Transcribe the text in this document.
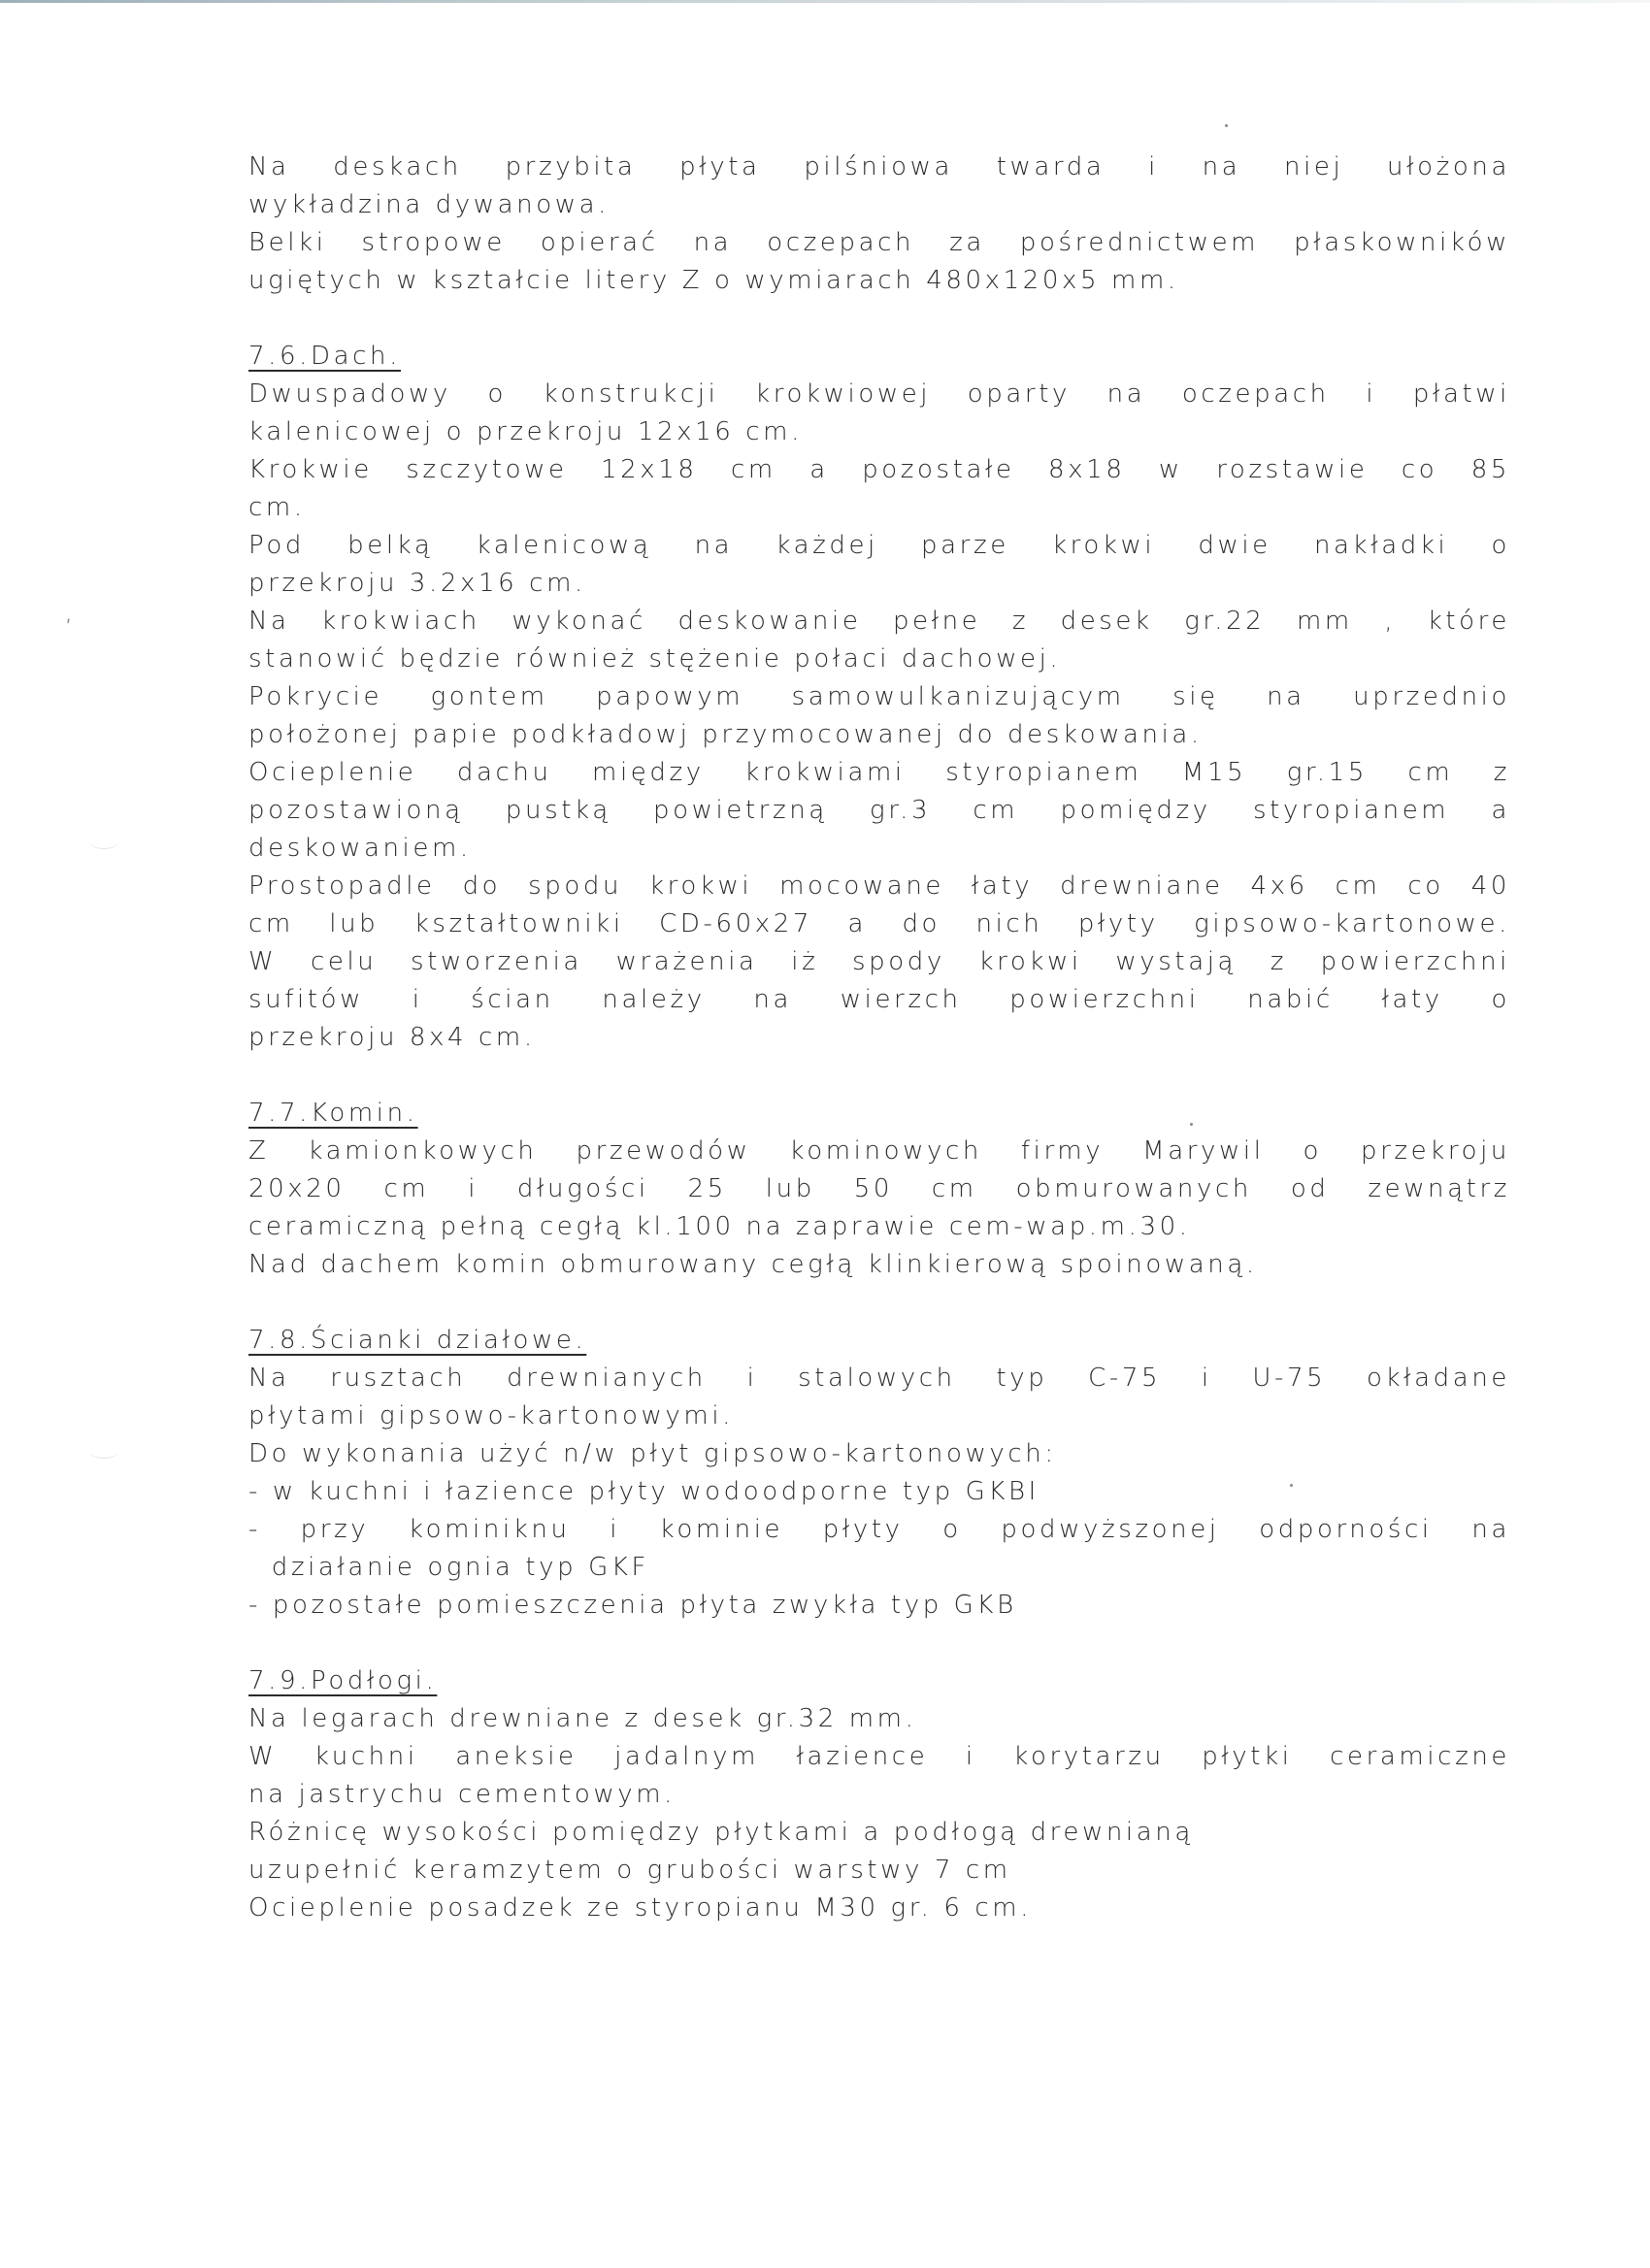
ʹ
Na deskach przybita płyta pilśniowa twarda i na niej ułożona
wykładzina dywanowa.
Belki stropowe opierać na oczepach za pośrednictwem płaskowników
ugiętych w kształcie litery Z o wymiarach 480x120x5 mm.
7.6.Dach.
Dwuspadowy o konstrukcji krokwiowej oparty na oczepach i płatwi
kalenicowej o przekroju 12x16 cm.
Krokwie szczytowe 12x18 cm a pozostałe 8x18 w rozstawie co 85
cm.
Pod belką kalenicową na każdej parze krokwi dwie nakładki o
przekroju 3.2x16 cm.
Na krokwiach wykonać deskowanie pełne z desek gr.22 mm , które
stanowić będzie również stężenie połaci dachowej.
Pokrycie gontem papowym samowulkanizującym się na uprzednio
położonej papie podkładowj przymocowanej do deskowania.
Ocieplenie dachu między krokwiami styropianem M15 gr.15 cm z
pozostawioną pustką powietrzną gr.3 cm pomiędzy styropianem a
deskowaniem.
Prostopadle do spodu krokwi mocowane łaty drewniane 4x6 cm co 40
cm lub kształtowniki CD-60x27 a do nich płyty gipsowo-kartonowe.
W celu stworzenia wrażenia iż spody krokwi wystają z powierzchni
sufitów i ścian należy na wierzch powierzchni nabić łaty o
przekroju 8x4 cm.
7.7.Komin.
Z kamionkowych przewodów kominowych firmy Marywil o przekroju
20x20 cm i długości 25 lub 50 cm obmurowanych od zewnątrz
ceramiczną pełną cegłą kl.100 na zaprawie cem-wap.m.30.
Nad dachem komin obmurowany cegłą klinkierową spoinowaną.
7.8.Ścianki działowe.
Na rusztach drewnianych i stalowych typ C-75 i U-75 okładane
płytami gipsowo-kartonowymi.
Do wykonania użyć n/w płyt gipsowo-kartonowych:
- w kuchni i łazience płyty wodoodporne typ GKBI
- przy kominiknu i kominie płyty o podwyższonej odporności na
działanie ognia typ GKF
- pozostałe pomieszczenia płyta zwykła typ GKB
7.9.Podłogi.
Na legarach drewniane z desek gr.32 mm.
W kuchni aneksie jadalnym łazience i korytarzu płytki ceramiczne
na jastrychu cementowym.
Różnicę wysokości pomiędzy płytkami a podłogą drewnianą
uzupełnić keramzytem o grubości warstwy 7 cm
Ocieplenie posadzek ze styropianu M30 gr. 6 cm.
